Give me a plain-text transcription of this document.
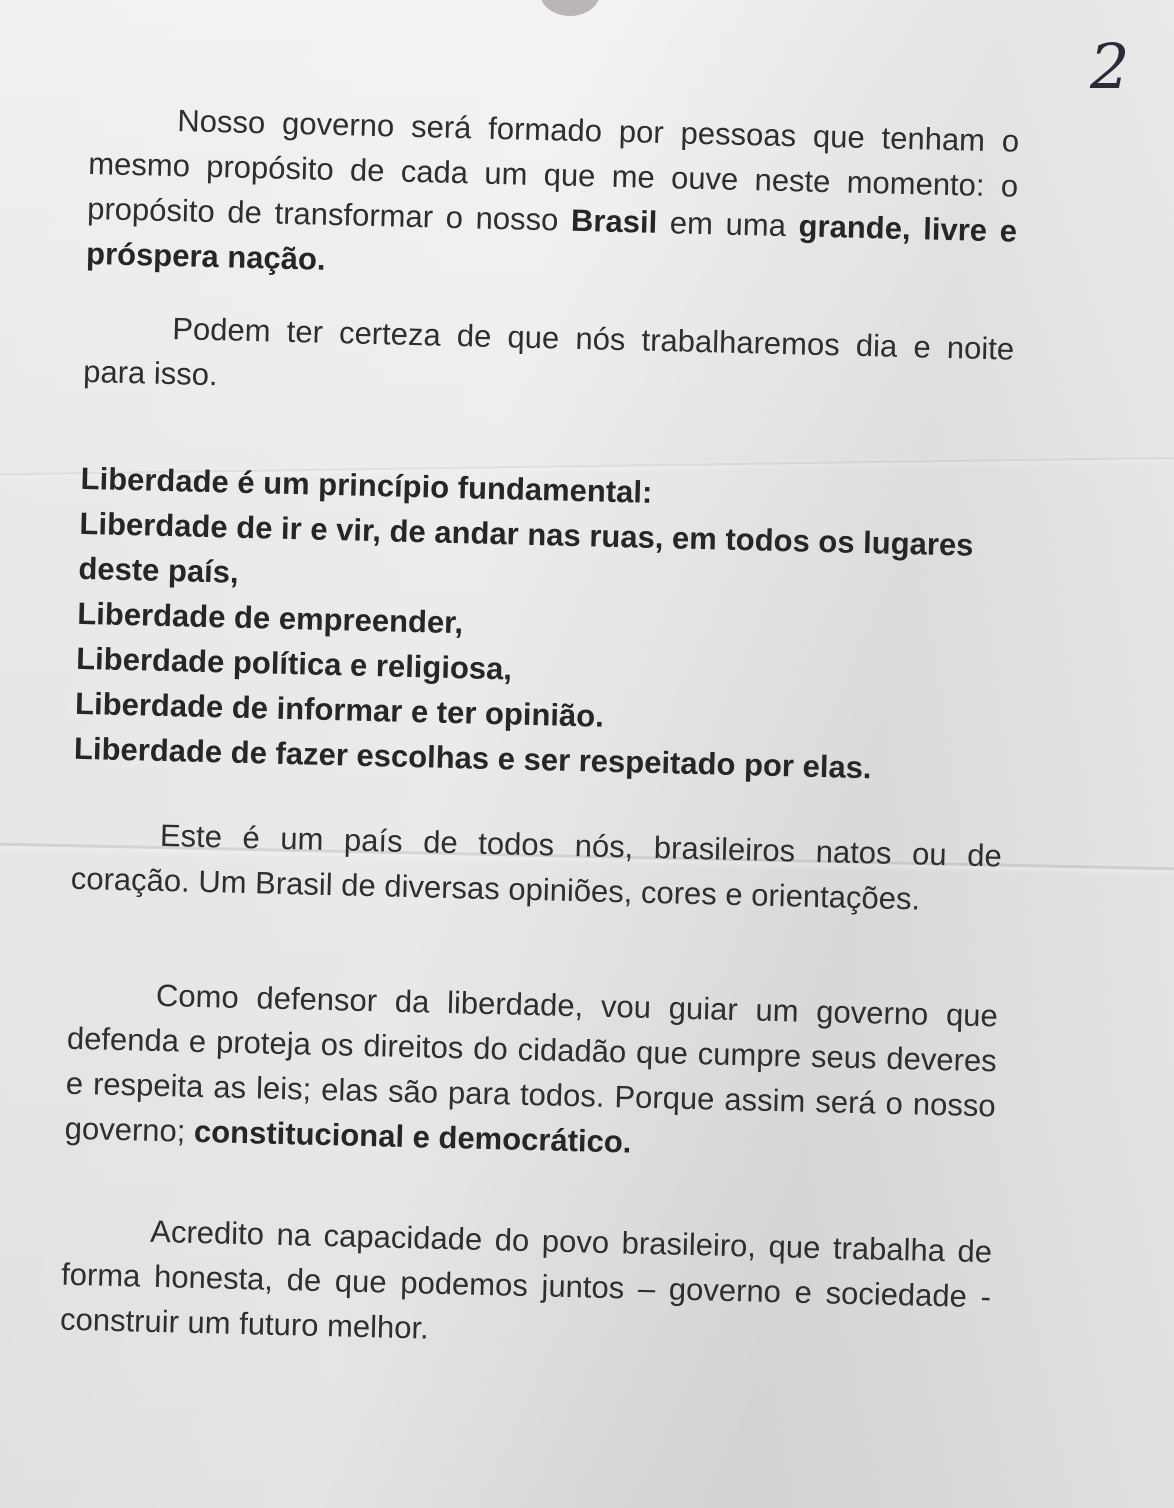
2

Nosso governo será formado por pessoas que tenham o mesmo propósito de cada um que me ouve neste momento: o propósito de transformar o nosso Brasil em uma grande, livre e próspera nação.

Podem ter certeza de que nós trabalharemos dia e noite para isso.

Liberdade é um princípio fundamental:

Liberdade de ir e vir, de andar nas ruas, em todos os lugares deste país,
Liberdade de empreender,
Liberdade política e religiosa,
Liberdade de informar e ter opinião.
Liberdade de fazer escolhas e ser respeitado por elas.

Este é um país de todos nós, brasileiros natos ou de coração. Um Brasil de diversas opiniões, cores e orientações.

Como defensor da liberdade, vou guiar um governo que defenda e proteja os direitos do cidadão que cumpre seus deveres e respeita as leis; elas são para todos. Porque assim será o nosso governo; constitucional e democrático.

Acredito na capacidade do povo brasileiro, que trabalha de forma honesta, de que podemos juntos – governo e sociedade - construir um futuro melhor.
